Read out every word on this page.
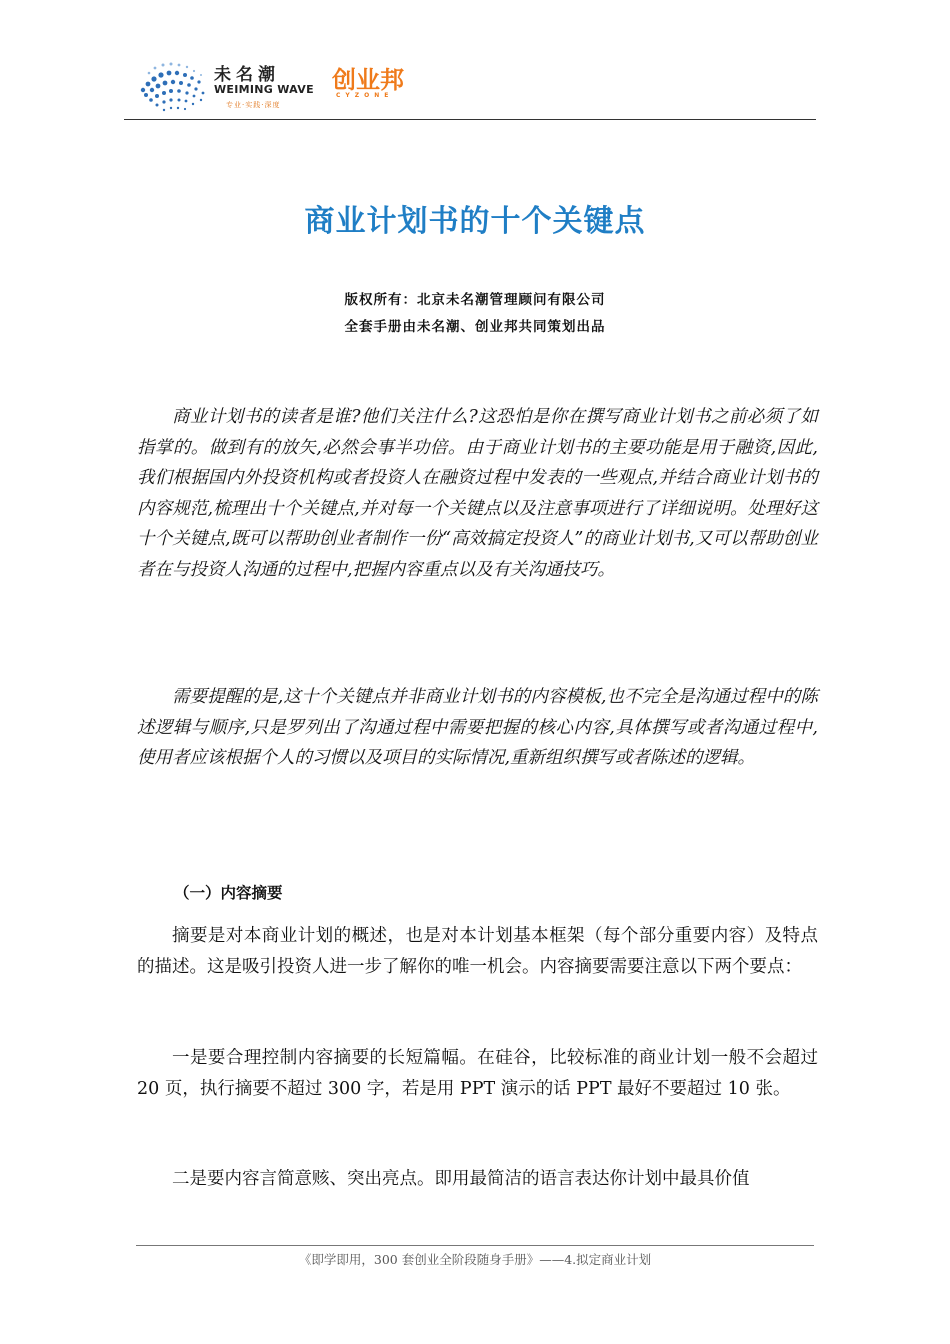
未名潮
WEIMING WAVE
专业·实践·深度
创业邦
CYZONE
商业计划书的十个关键点
版权所有：北京未名潮管理顾问有限公司
全套手册由未名潮、创业邦共同策划出品

商业计划书的读者是谁?他们关注什么?这恐怕是你在撰写商业计划书之前必须了如指掌的。做到有的放矢,必然会事半功倍。由于商业计划书的主要功能是用于融资,因此,我们根据国内外投资机构或者投资人在融资过程中发表的一些观点,并结合商业计划书的内容规范,梳理出十个关键点,并对每一个关键点以及注意事项进行了详细说明。处理好这十个关键点,既可以帮助创业者制作一份“高效搞定投资人”的商业计划书,又可以帮助创业者在与投资人沟通的过程中,把握内容重点以及有关沟通技巧。

需要提醒的是,这十个关键点并非商业计划书的内容模板,也不完全是沟通过程中的陈述逻辑与顺序,只是罗列出了沟通过程中需要把握的核心内容,具体撰写或者沟通过程中,使用者应该根据个人的习惯以及项目的实际情况,重新组织撰写或者陈述的逻辑。

（一）内容摘要

摘要是对本商业计划的概述，也是对本计划基本框架（每个部分重要内容）及特点的描述。这是吸引投资人进一步了解你的唯一机会。内容摘要需要注意以下两个要点：

一是要合理控制内容摘要的长短篇幅。在硅谷，比较标准的商业计划一般不会超过 20 页，执行摘要不超过 300 字，若是用 PPT 演示的话 PPT 最好不要超过 10 张。

二是要内容言简意赅、突出亮点。即用最简洁的语言表达你计划中最具价值

《即学即用，300 套创业全阶段随身手册》——4.拟定商业计划
